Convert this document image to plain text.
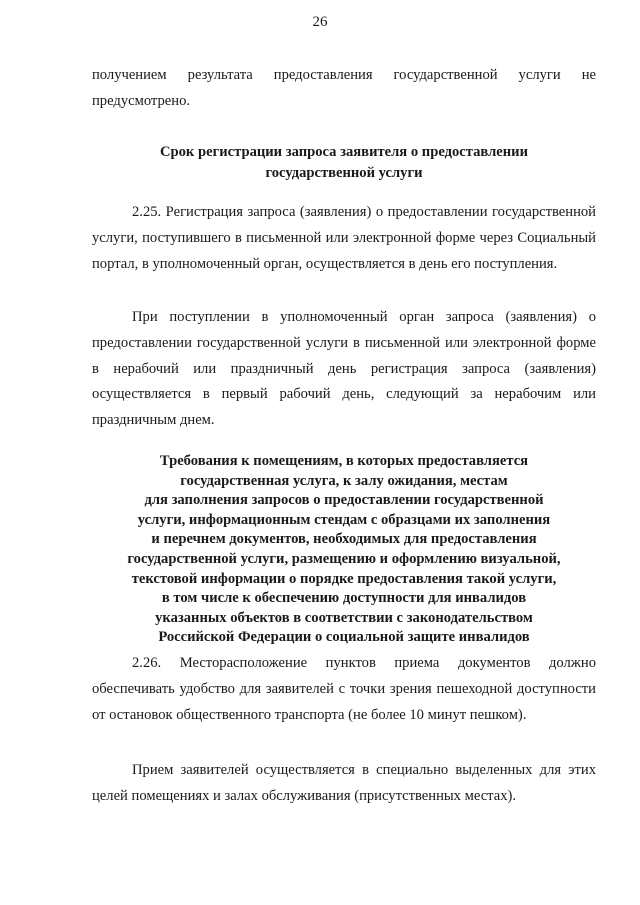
26

получением результата предоставления государственной услуги не предусмотрено.

Срок регистрации запроса заявителя о предоставлении
государственной услуги

2.25. Регистрация запроса (заявления) о предоставлении государственной услуги, поступившего в письменной или электронной форме через Социальный портал, в уполномоченный орган, осуществляется в день его поступления.

При поступлении в уполномоченный орган запроса (заявления) о предоставлении государственной услуги в письменной или электронной форме в нерабочий или праздничный день регистрация запроса (заявления) осуществляется в первый рабочий день, следующий за нерабочим или праздничным днем.

Требования к помещениям, в которых предоставляется
государственная услуга, к залу ожидания, местам
для заполнения запросов о предоставлении государственной
услуги, информационным стендам с образцами их заполнения
и перечнем документов, необходимых для предоставления
государственной услуги, размещению и оформлению визуальной,
текстовой информации о порядке предоставления такой услуги,
в том числе к обеспечению доступности для инвалидов
указанных объектов в соответствии с законодательством
Российской Федерации о социальной защите инвалидов

2.26. Месторасположение пунктов приема документов должно обеспечивать удобство для заявителей с точки зрения пешеходной доступности от остановок общественного транспорта (не более 10 минут пешком).

Прием заявителей осуществляется в специально выделенных для этих целей помещениях и залах обслуживания (присутственных местах).
